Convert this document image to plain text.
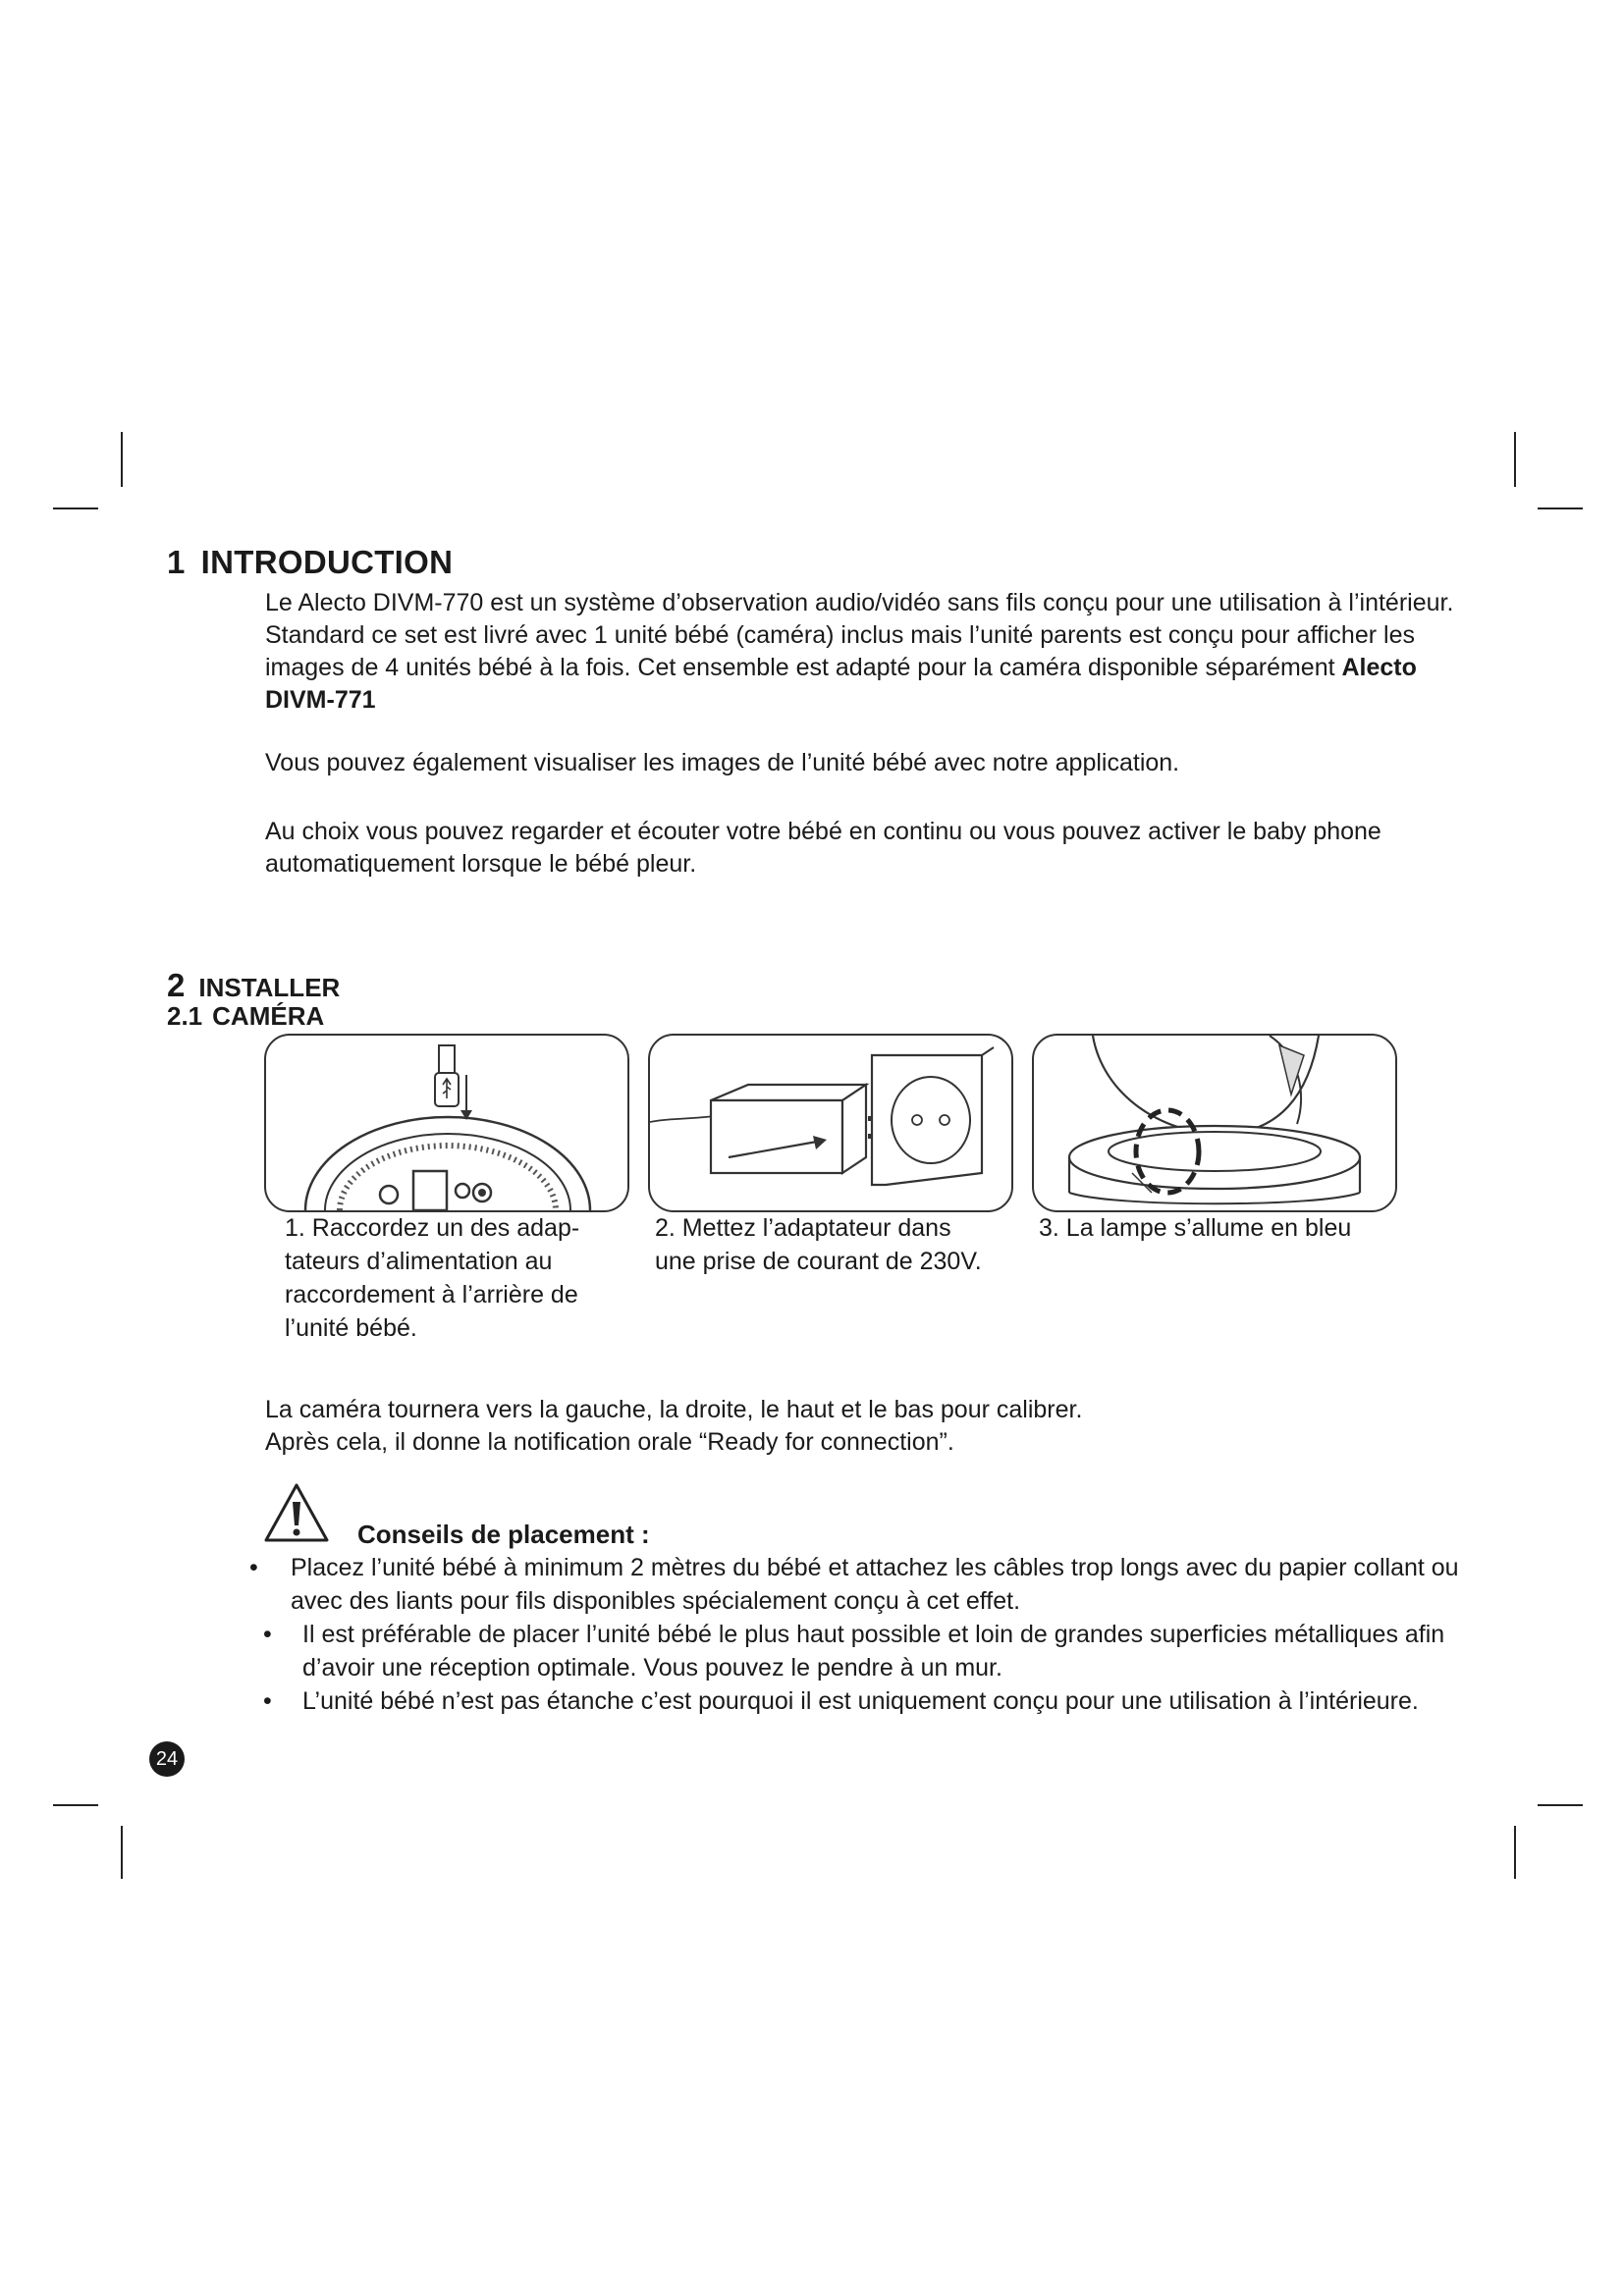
1 INTRODUCTION
Le Alecto DIVM-770 est un système d’observation audio/vidéo sans fils conçu pour une utilisation à l’intérieur. Standard ce set est livré avec 1 unité bébé (caméra) inclus mais l’unité parents est conçu pour afficher les images de 4 unités bébé à la fois. Cet ensemble est adapté pour la caméra disponible séparément Alecto DIVM-771
Vous pouvez également visualiser les images de l’unité bébé avec notre application.
Au choix vous pouvez regarder et écouter votre bébé en continu ou vous pouvez activer le baby phone automatiquement lorsque le bébé pleur.
2 INSTALLER
2.1 CAMÉRA
1. Raccordez un des adap-
tateurs d’alimentation au
raccordement à l’arrière de
l’unité bébé.
2. Mettez l’adaptateur dans
une prise de courant de 230V.
3. La lampe s’allume en bleu
La caméra tournera vers la gauche, la droite, le haut et le bas pour calibrer.
Après cela, il donne la notification orale “Ready for connection”.
Conseils de placement :
• Placez l’unité bébé à minimum 2 mètres du bébé et attachez les câbles trop longs avec du papier collant ou avec des liants pour fils disponibles spécialement conçu à cet effet.
• Il est préférable de placer l’unité bébé le plus haut possible et loin de grandes superficies métalliques afin d’avoir une réception optimale. Vous pouvez le pendre à un mur.
• L’unité bébé n’est pas étanche c’est pourquoi il est uniquement conçu pour une utilisation à l’intérieure.
24
